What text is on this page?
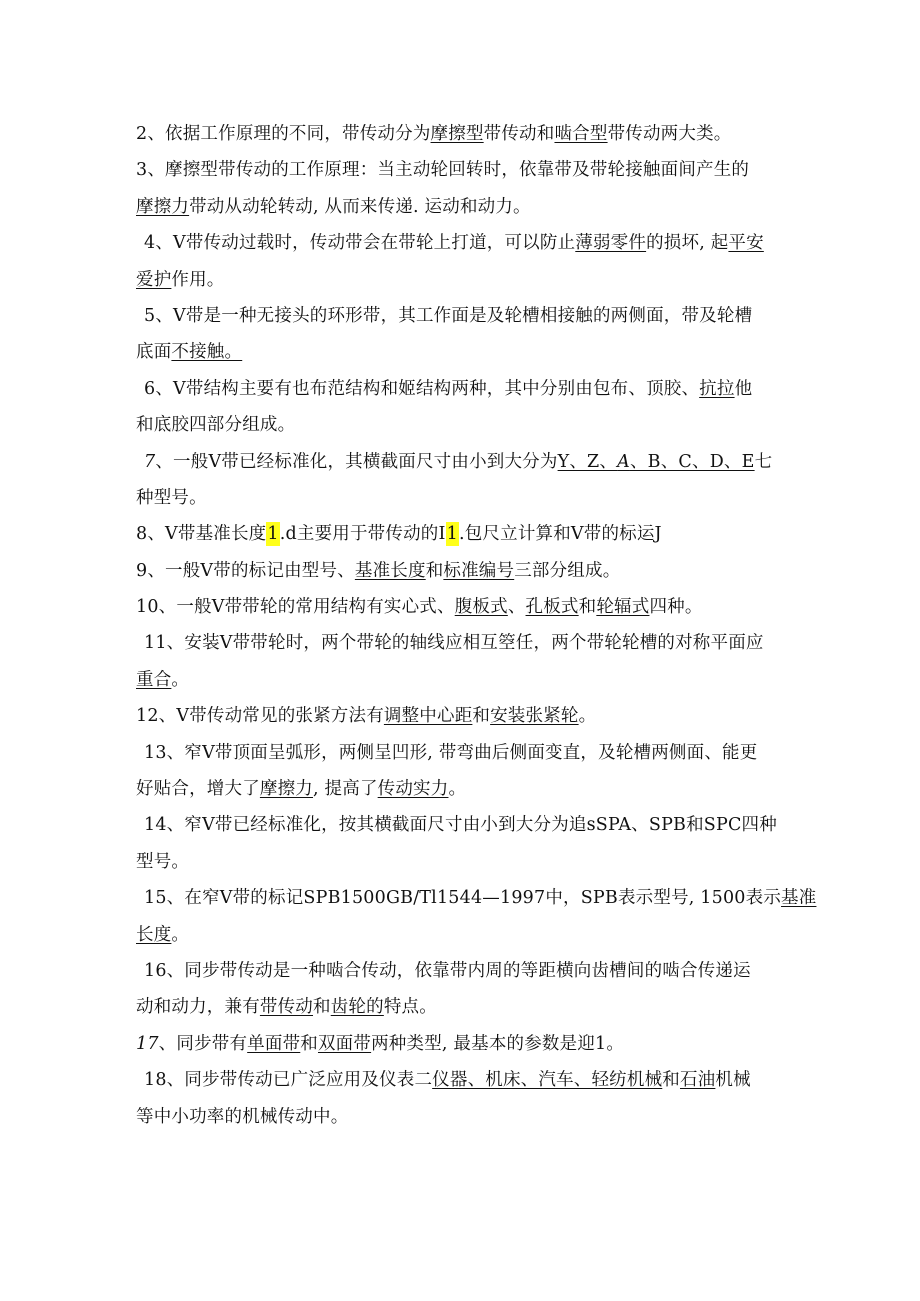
2、依据工作原理的不同，带传动分为摩擦型带传动和啮合型带传动两大类。
3、摩擦型带传动的工作原理：当主动轮回转时，依靠带及带轮接触面间产生的
摩擦力带动从动轮转动, 从而来传递. 运动和动力。
4、V带传动过载时，传动带会在带轮上打道，可以防止薄弱零件的损坏, 起平安
爱护作用。
5、V带是一种无接头的环形带，其工作面是及轮槽相接触的两侧面，带及轮槽
底面不接触。
6、V带结构主要有也布范结构和姬结构两种，其中分别由包布、顶胶、抗拉他
和底胶四部分组成。
7、一般V带已经标准化，其横截面尺寸由小到大分为Y、Z、A、B、C、D、E七
种型号。
8、V带基准长度1.d主要用于带传动的I1.包尺立计算和V带的标运J
9、一般V带的标记由型号、基准长度和标准编号三部分组成。
10、一般V带带轮的常用结构有实心式、腹板式、孔板式和轮辐式四种。
11、安装V带带轮时，两个带轮的轴线应相互箜任，两个带轮轮槽的对称平面应
重合。
12、V带传动常见的张紧方法有调整中心距和安装张紧轮。
13、窄V带顶面呈弧形，两侧呈凹形, 带弯曲后侧面变直，及轮槽两侧面、能更
好贴合，增大了摩擦力, 提高了传动实力。
14、窄V带已经标准化，按其横截面尺寸由小到大分为追sSPA、SPB和SPC四种
型号。
15、在窄V带的标记SPB1500GB/Tl1544—1997中，SPB表示型号, 1500表示基准
长度。
16、同步带传动是一种啮合传动，依靠带内周的等距横向齿槽间的啮合传递运
动和动力，兼有带传动和齿轮的特点。
17、同步带有单面带和双面带两种类型, 最基本的参数是迎1。
18、同步带传动已广泛应用及仪表二仪器、机床、汽车、轻纺机械和石油机械
等中小功率的机械传动中。
